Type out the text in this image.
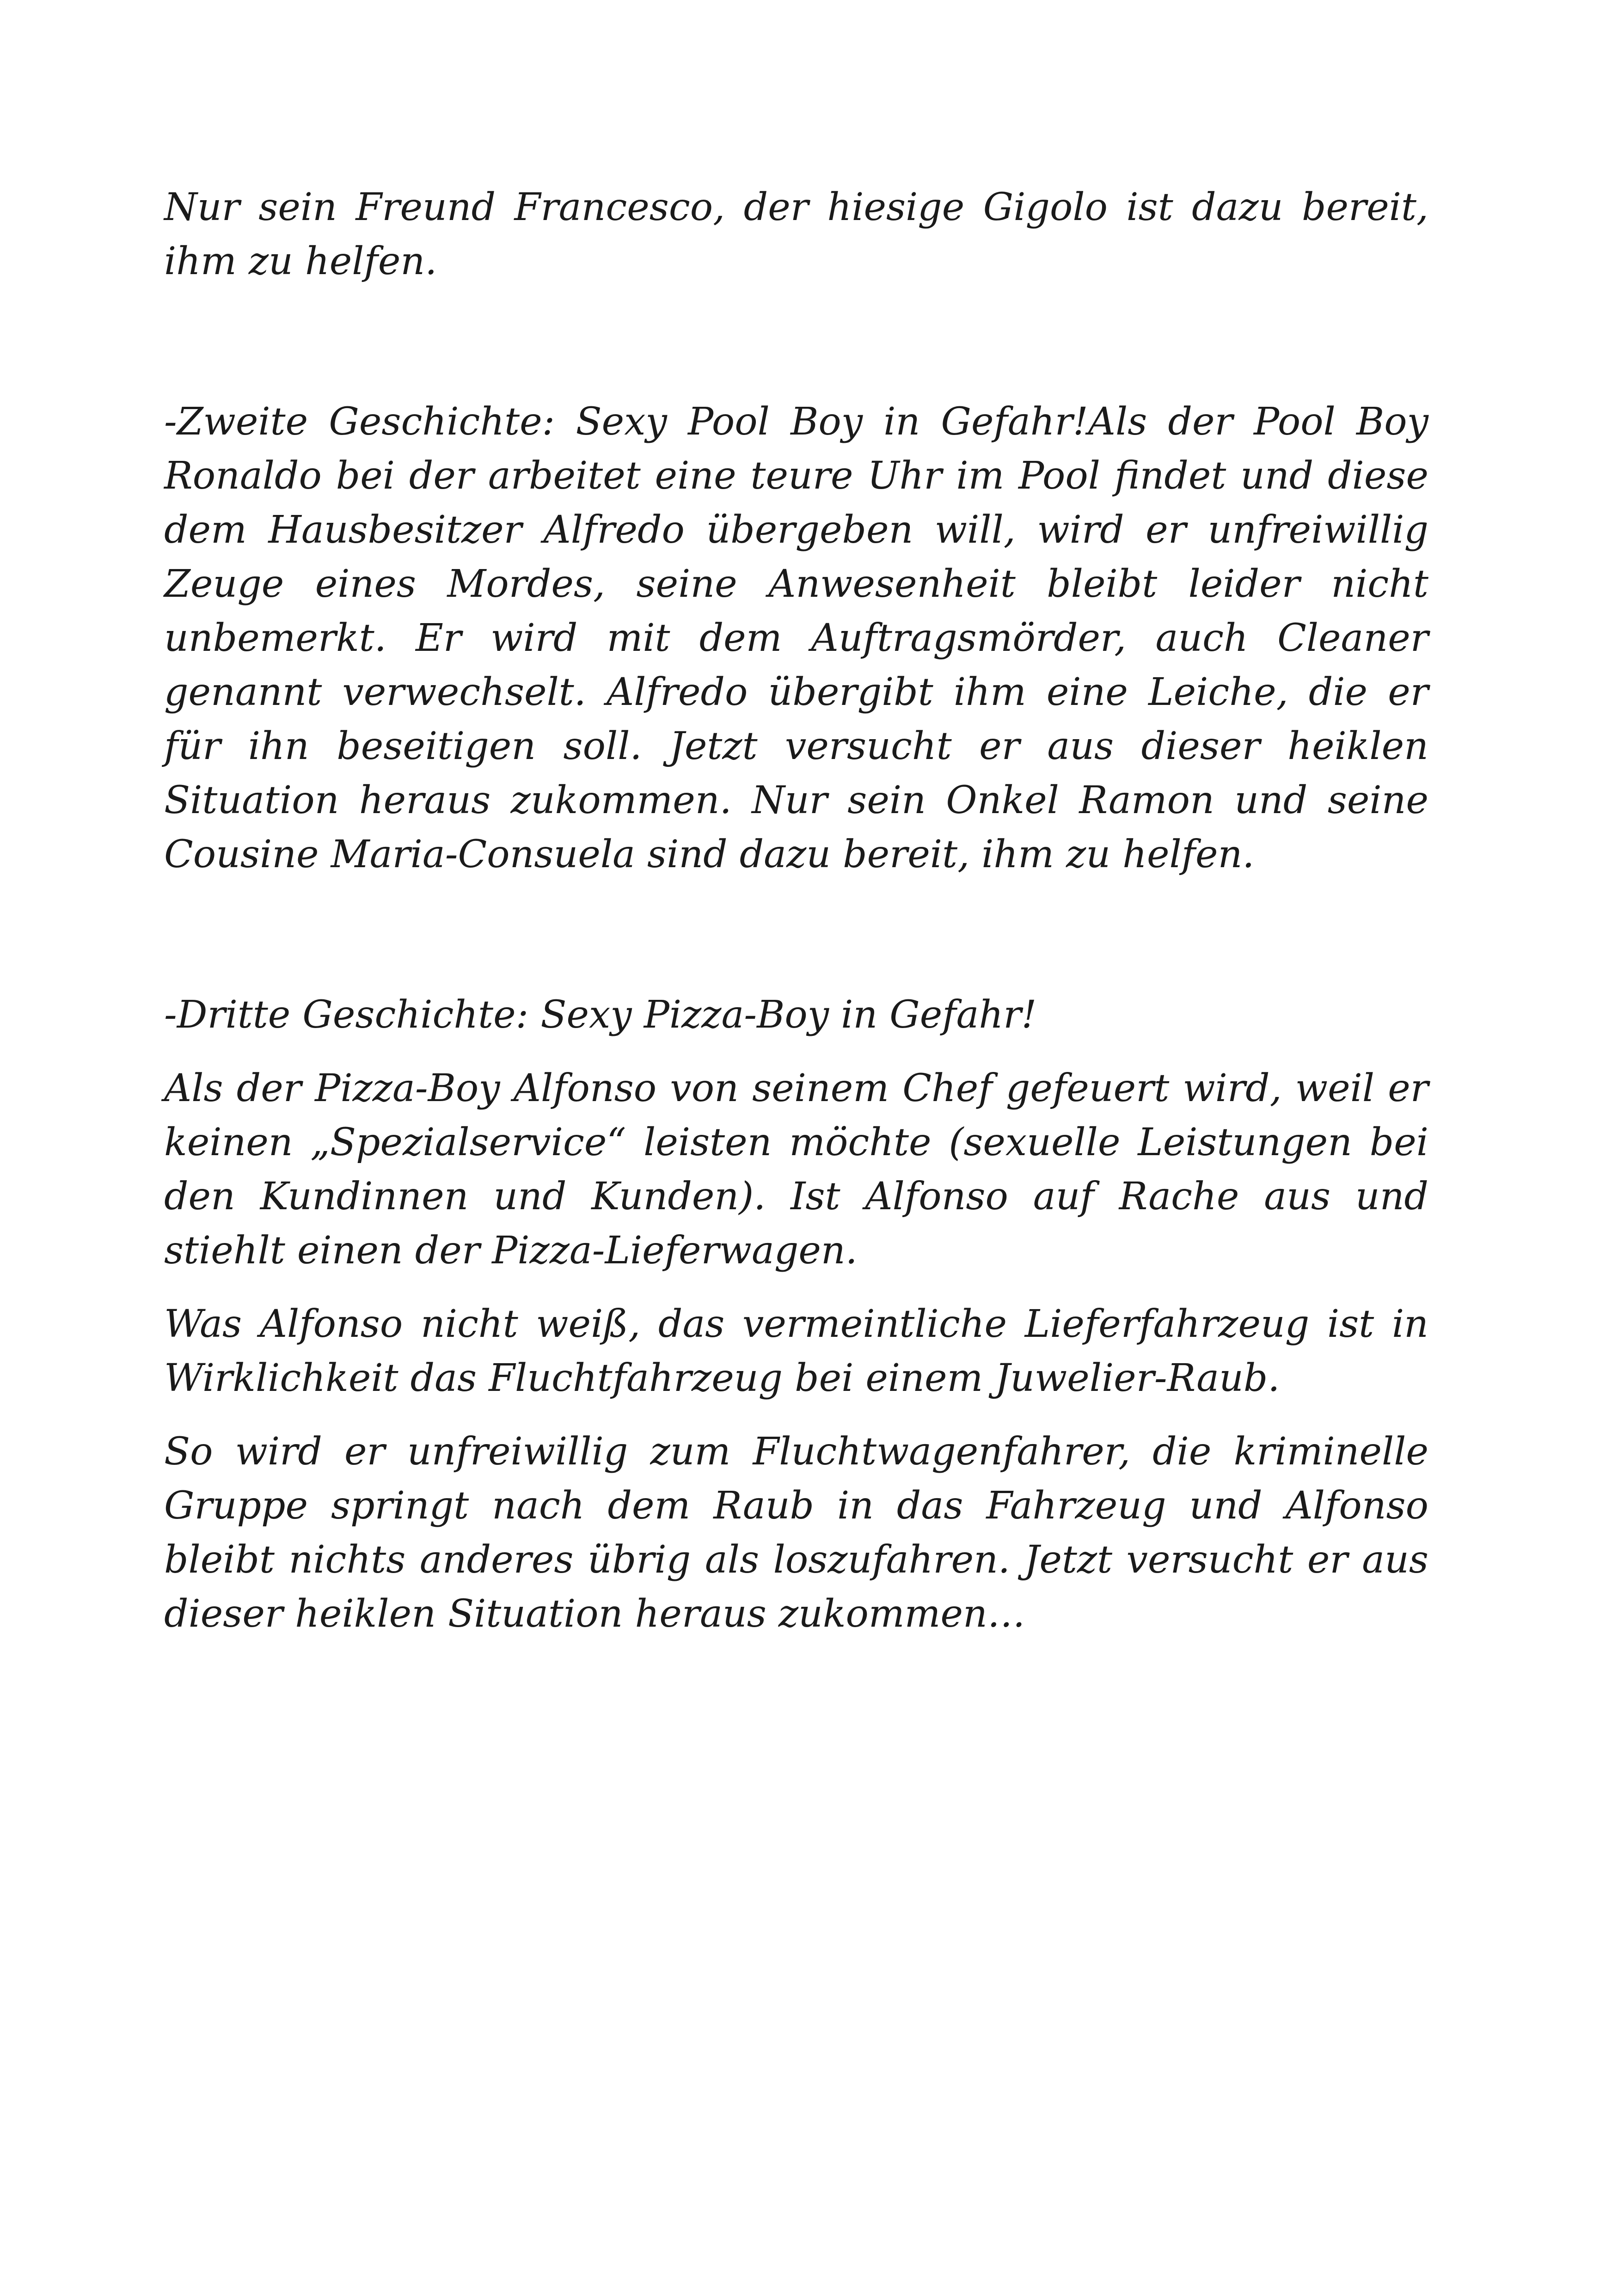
Nur sein Freund Francesco, der hiesige Gigolo ist dazu bereit, ihm zu helfen.

-Zweite Geschichte: Sexy Pool Boy in Gefahr!Als der Pool Boy Ronaldo bei der arbeitet eine teure Uhr im Pool findet und diese dem Hausbesitzer Alfredo übergeben will, wird er unfreiwillig Zeuge eines Mordes, seine Anwesenheit bleibt leider nicht unbemerkt. Er wird mit dem Auftragsmörder, auch Cleaner genannt verwechselt. Alfredo übergibt ihm eine Leiche, die er für ihn beseitigen soll. Jetzt versucht er aus dieser heiklen Situation heraus zukommen. Nur sein Onkel Ramon und seine Cousine Maria-Consuela sind dazu bereit, ihm zu helfen.

-Dritte Geschichte: Sexy Pizza-Boy in Gefahr!

Als der Pizza-Boy Alfonso von seinem Chef gefeuert wird, weil er keinen „Spezialservice“ leisten möchte (sexuelle Leistungen bei den Kundinnen und Kunden). Ist Alfonso auf Rache aus und stiehlt einen der Pizza-Lieferwagen.

Was Alfonso nicht weiß, das vermeintliche Lieferfahrzeug ist in Wirklichkeit das Fluchtfahrzeug bei einem Juwelier-Raub.

So wird er unfreiwillig zum Fluchtwagenfahrer, die kriminelle Gruppe springt nach dem Raub in das Fahrzeug und Alfonso bleibt nichts anderes übrig als loszufahren. Jetzt versucht er aus dieser heiklen Situation heraus zukommen…
